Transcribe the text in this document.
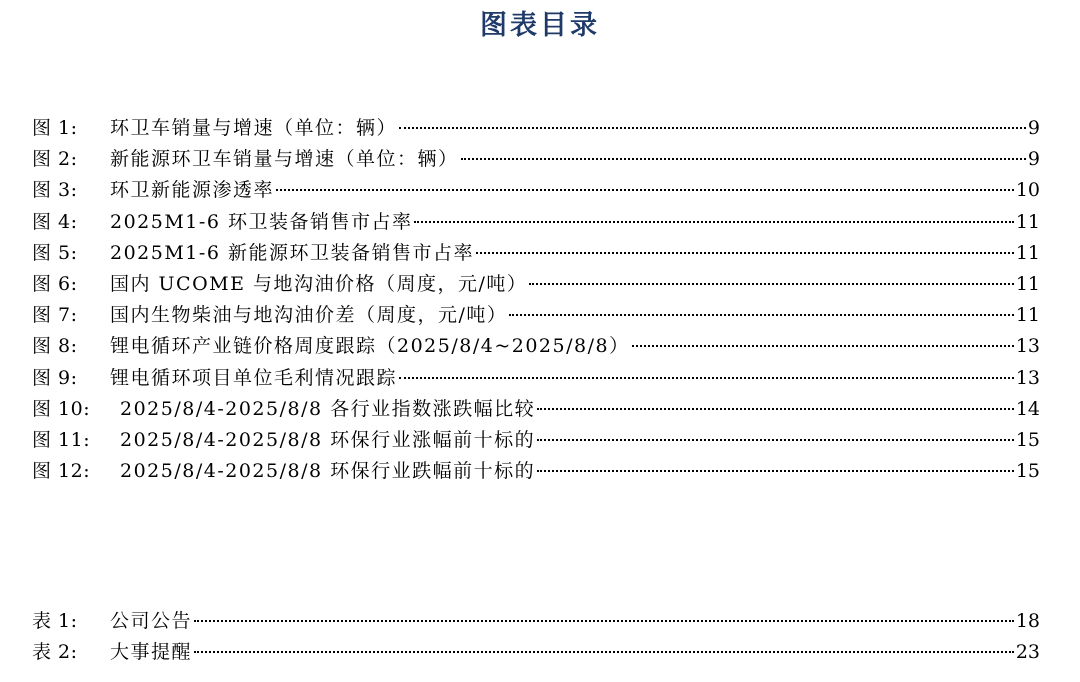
图表目录
图 1:	环卫车销量与增速（单位：辆）	9
图 2:	新能源环卫车销量与增速（单位：辆）	9
图 3:	环卫新能源渗透率	10
图 4:	2025M1-6 环卫装备销售市占率	11
图 5:	2025M1-6 新能源环卫装备销售市占率	11
图 6:	国内 UCOME 与地沟油价格（周度，元/吨）	11
图 7:	国内生物柴油与地沟油价差（周度，元/吨）	11
图 8:	锂电循环产业链价格周度跟踪（2025/8/4~2025/8/8）	13
图 9:	锂电循环项目单位毛利情况跟踪	13
图 10:	2025/8/4-2025/8/8 各行业指数涨跌幅比较	14
图 11:	2025/8/4-2025/8/8 环保行业涨幅前十标的	15
图 12:	2025/8/4-2025/8/8 环保行业跌幅前十标的	15
表 1:	公司公告	18
表 2:	大事提醒	23
